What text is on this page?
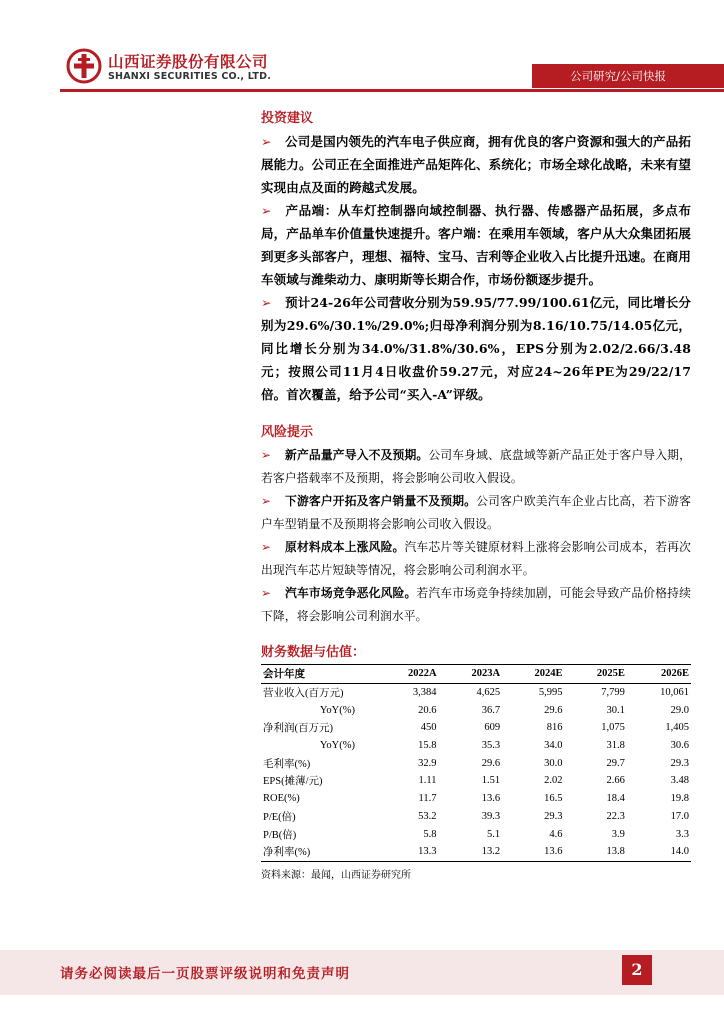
山西证券股份有限公司
SHANXI SECURITIES CO., LTD.	公司研究/公司快报
投资建议

➢ 公司是国内领先的汽车电子供应商，拥有优良的客户资源和强大的产品拓展能力。公司正在全面推进产品矩阵化、系统化；市场全球化战略，未来有望实现由点及面的跨越式发展。

➢ 产品端：从车灯控制器向域控制器、执行器、传感器产品拓展，多点布局，产品单车价值量快速提升。客户端：在乘用车领域，客户从大众集团拓展到更多头部客户，理想、福特、宝马、吉利等企业收入占比提升迅速。在商用车领域与潍柴动力、康明斯等长期合作，市场份额逐步提升。

➢ 预计24-26年公司营收分别为59.95/77.99/100.61亿元，同比增长分别为29.6%/30.1%/29.0%;归母净利润分别为8.16/10.75/14.05亿元，同比增长分别为34.0%/31.8%/30.6%，EPS分别为2.02/2.66/3.48元；按照公司11月4日收盘价59.27元，对应24~26年PE为29/22/17倍。首次覆盖，给予公司“买入-A”评级。

风险提示

➢ 新产品量产导入不及预期。公司车身域、底盘域等新产品正处于客户导入期，若客户搭载率不及预期，将会影响公司收入假设。

➢ 下游客户开拓及客户销量不及预期。公司客户欧美汽车企业占比高，若下游客户车型销量不及预期将会影响公司收入假设。

➢ 原材料成本上涨风险。汽车芯片等关键原材料上涨将会影响公司成本，若再次出现汽车芯片短缺等情况，将会影响公司利润水平。

➢ 汽车市场竞争恶化风险。若汽车市场竞争持续加剧，可能会导致产品价格持续下降，将会影响公司利润水平。

财务数据与估值：
会计年度	2022A	2023A	2024E	2025E	2026E
营业收入(百万元)	3,384	4,625	5,995	7,799	10,061
YoY(%)	20.6	36.7	29.6	30.1	29.0
净利润(百万元)	450	609	816	1,075	1,405
YoY(%)	15.8	35.3	34.0	31.8	30.6
毛利率(%)	32.9	29.6	30.0	29.7	29.3
EPS(摊薄/元)	1.11	1.51	2.02	2.66	3.48
ROE(%)	11.7	13.6	16.5	18.4	19.8
P/E(倍)	53.2	39.3	29.3	22.3	17.0
P/B(倍)	5.8	5.1	4.6	3.9	3.3
净利率(%)	13.3	13.2	13.6	13.8	14.0
资料来源：最闻，山西证券研究所
请务必阅读最后一页股票评级说明和免责声明	2
